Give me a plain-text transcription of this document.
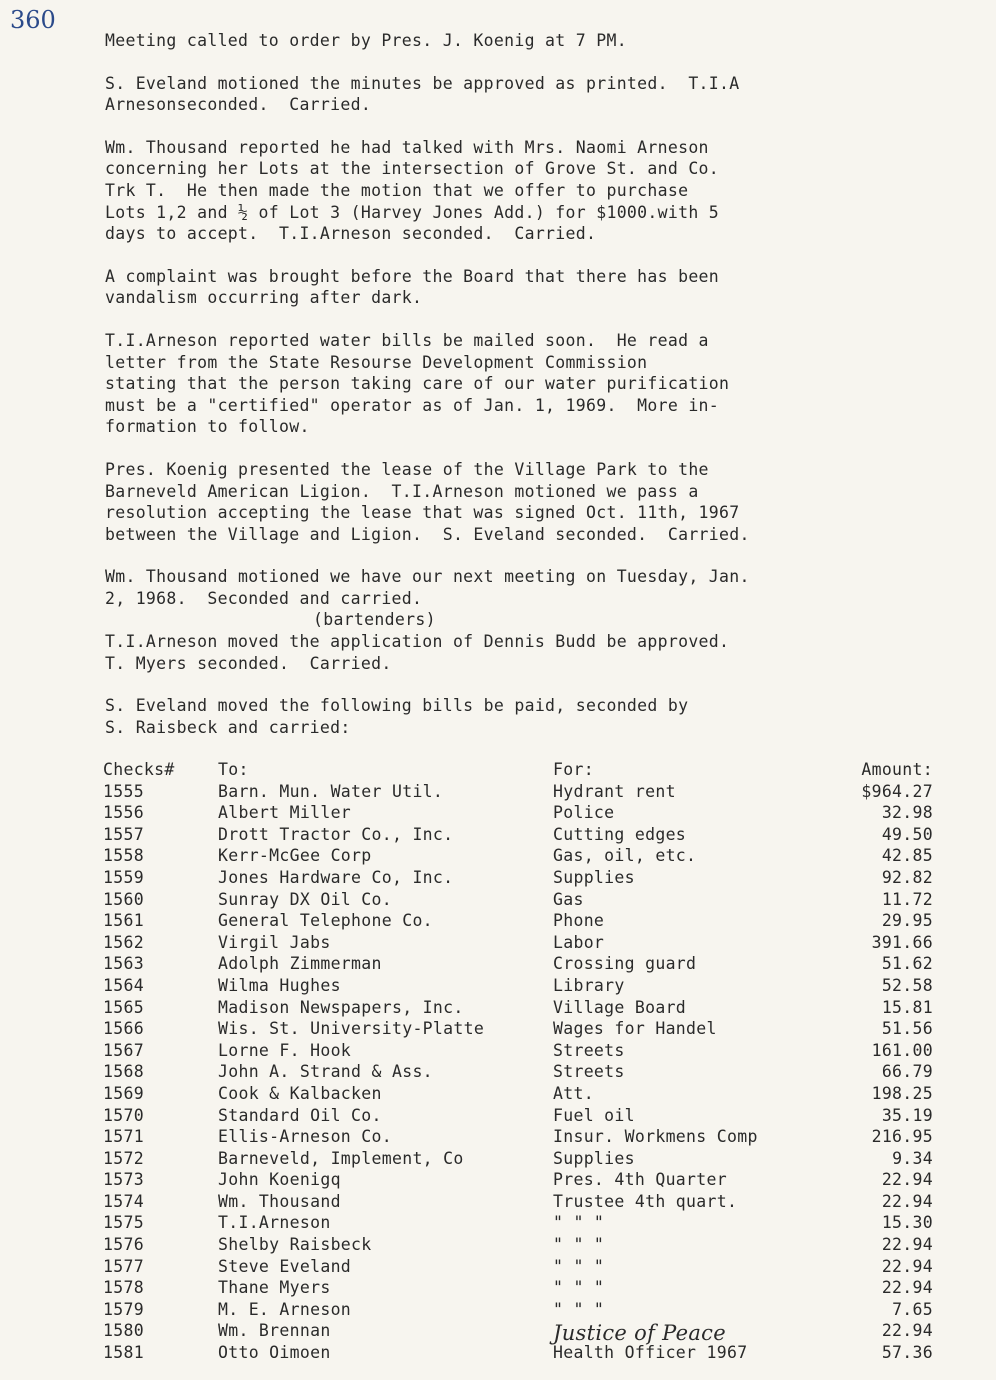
360

Meeting called to order by Pres. J. Koenig at 7 PM.

S. Eveland motioned the minutes be approved as printed.  T.I.A
Arnesonseconded.  Carried.

Wm. Thousand reported he had talked with Mrs. Naomi Arneson
concerning her Lots at the intersection of Grove St. and Co.
Trk T.  He then made the motion that we offer to purchase
Lots 1,2 and ½ of Lot 3 (Harvey Jones Add.) for $1000.with 5
days to accept.  T.I.Arneson seconded.  Carried.

A complaint was brought before the Board that there has been
vandalism occurring after dark.

T.I.Arneson reported water bills be mailed soon.  He read a
letter from the State Resourse Development Commission
stating that the person taking care of our water purification
must be a "certified" operator as of Jan. 1, 1969.  More in-
formation to follow.

Pres. Koenig presented the lease of the Village Park to the
Barneveld American Ligion.  T.I.Arneson motioned we pass a
resolution accepting the lease that was signed Oct. 11th, 1967
between the Village and Ligion.  S. Eveland seconded.  Carried.

Wm. Thousand motioned we have our next meeting on Tuesday, Jan.
2, 1968.  Seconded and carried.

(bartenders)

T.I.Arneson moved the application of Dennis Budd be approved.
T. Myers seconded.  Carried.

S. Eveland moved the following bills be paid, seconded by
S. Raisbeck and carried:

Checks#	To:	For:	Amount:
1555	Barn. Mun. Water Util.	Hydrant rent	$964.27
1556	Albert Miller	Police	32.98
1557	Drott Tractor Co., Inc.	Cutting edges	49.50
1558	Kerr-McGee Corp	Gas, oil, etc.	42.85
1559	Jones Hardware Co, Inc.	Supplies	92.82
1560	Sunray DX Oil Co.	Gas	11.72
1561	General Telephone Co.	Phone	29.95
1562	Virgil Jabs	Labor	391.66
1563	Adolph Zimmerman	Crossing guard	51.62
1564	Wilma Hughes	Library	52.58
1565	Madison Newspapers, Inc.	Village Board	15.81
1566	Wis. St. University-Platte	Wages for Handel	51.56
1567	Lorne F. Hook	Streets	161.00
1568	John A. Strand & Ass.	Streets	66.79
1569	Cook & Kalbacken	Att.	198.25
1570	Standard Oil Co.	Fuel oil	35.19
1571	Ellis-Arneson Co.	Insur. Workmens Comp	216.95
1572	Barneveld, Implement, Co	Supplies	9.34
1573	John Koenigq	Pres. 4th Quarter	22.94
1574	Wm. Thousand	Trustee 4th quart.	22.94
1575	T.I.Arneson	" " "	15.30
1576	Shelby Raisbeck	" " "	22.94
1577	Steve Eveland	" " "	22.94
1578	Thane Myers	" " "	22.94
1579	M. E. Arneson	" " "	7.65
1580	Wm. Brennan	Justice of Peace	22.94
1581	Otto Oimoen	Health Officer 1967	57.36
